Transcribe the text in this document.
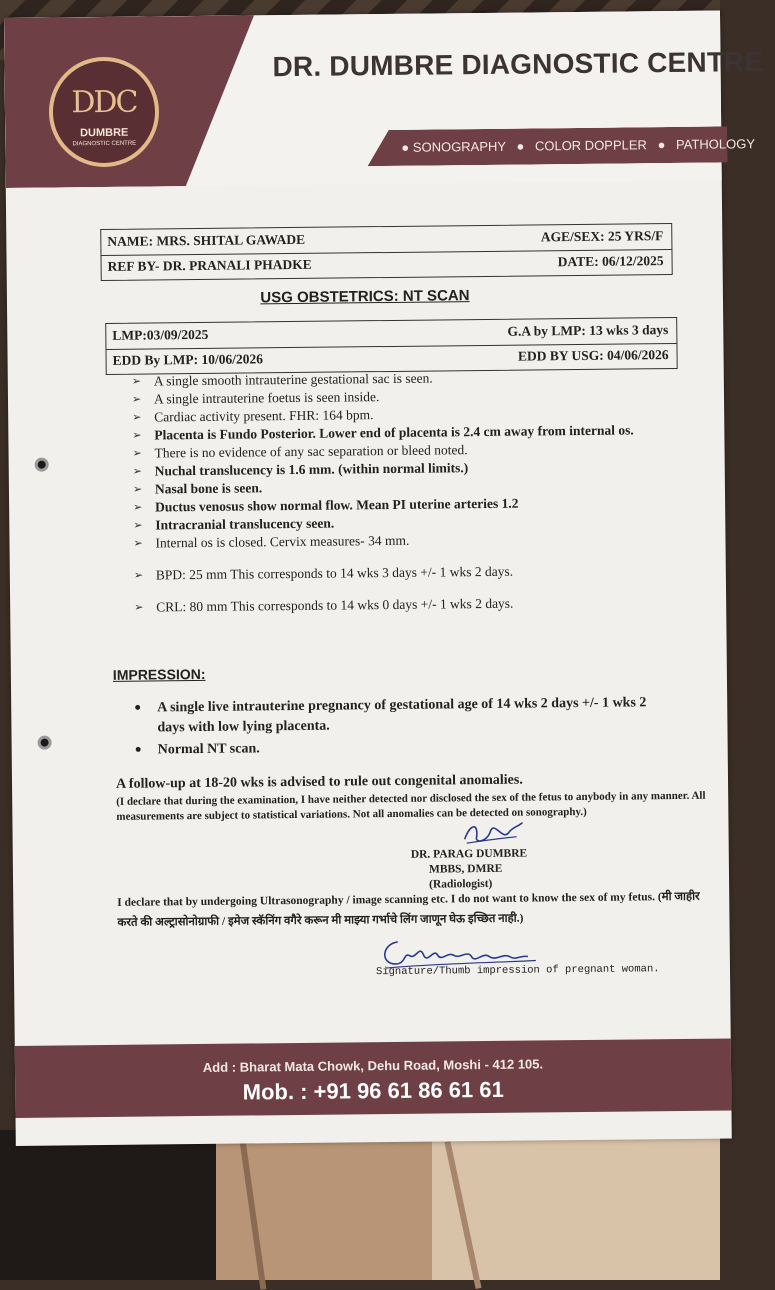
DDC
DUMBRE
DIAGNOSTIC CENTRE
DR. DUMBRE DIAGNOSTIC CENTRE
● SONOGRAPHY ● COLOR DOPPLER ● PATHOLOGY
NAME: MRS. SHITAL GAWADE	AGE/SEX: 25 YRS/F
REF BY- DR. PRANALI PHADKE	DATE: 06/12/2025
USG OBSTETRICS: NT SCAN
LMP:03/09/2025	G.A by LMP: 13 wks 3 days
EDD By LMP: 10/06/2026	EDD BY USG: 04/06/2026
➢ A single smooth intrauterine gestational sac is seen.
➢ A single intrauterine foetus is seen inside.
➢ Cardiac activity present. FHR: 164 bpm.
➢ Placenta is Fundo Posterior. Lower end of placenta is 2.4 cm away from internal os.
➢ There is no evidence of any sac separation or bleed noted.
➢ Nuchal translucency is 1.6 mm. (within normal limits.)
➢ Nasal bone is seen.
➢ Ductus venosus show normal flow. Mean PI uterine arteries 1.2
➢ Intracranial translucency seen.
➢ Internal os is closed. Cervix measures- 34 mm.
➢ BPD: 25 mm This corresponds to 14 wks 3 days +/- 1 wks 2 days.
➢ CRL: 80 mm This corresponds to 14 wks 0 days +/- 1 wks 2 days.
IMPRESSION:
• A single live intrauterine pregnancy of gestational age of 14 wks 2 days +/- 1 wks 2 days with low lying placenta.
• Normal NT scan.
A follow-up at 18-20 wks is advised to rule out congenital anomalies.
(I declare that during the examination, I have neither detected nor disclosed the sex of the fetus to anybody in any manner. All measurements are subject to statistical variations. Not all anomalies can be detected on sonography.)
DR. PARAG DUMBRE
MBBS, DMRE
(Radiologist)
I declare that by undergoing Ultrasonography / image scanning etc. I do not want to know the sex of my fetus. (मी जाहीर करते की अल्ट्रासोनोग्राफी / इमेज स्कॅनिंग वगैरे करून मी माझ्या गर्भाचे लिंग जाणून घेऊ इच्छित नाही.)
Signature/Thumb impression of pregnant woman.
Add : Bharat Mata Chowk, Dehu Road, Moshi - 412 105.
Mob. : +91 96 61 86 61 61
